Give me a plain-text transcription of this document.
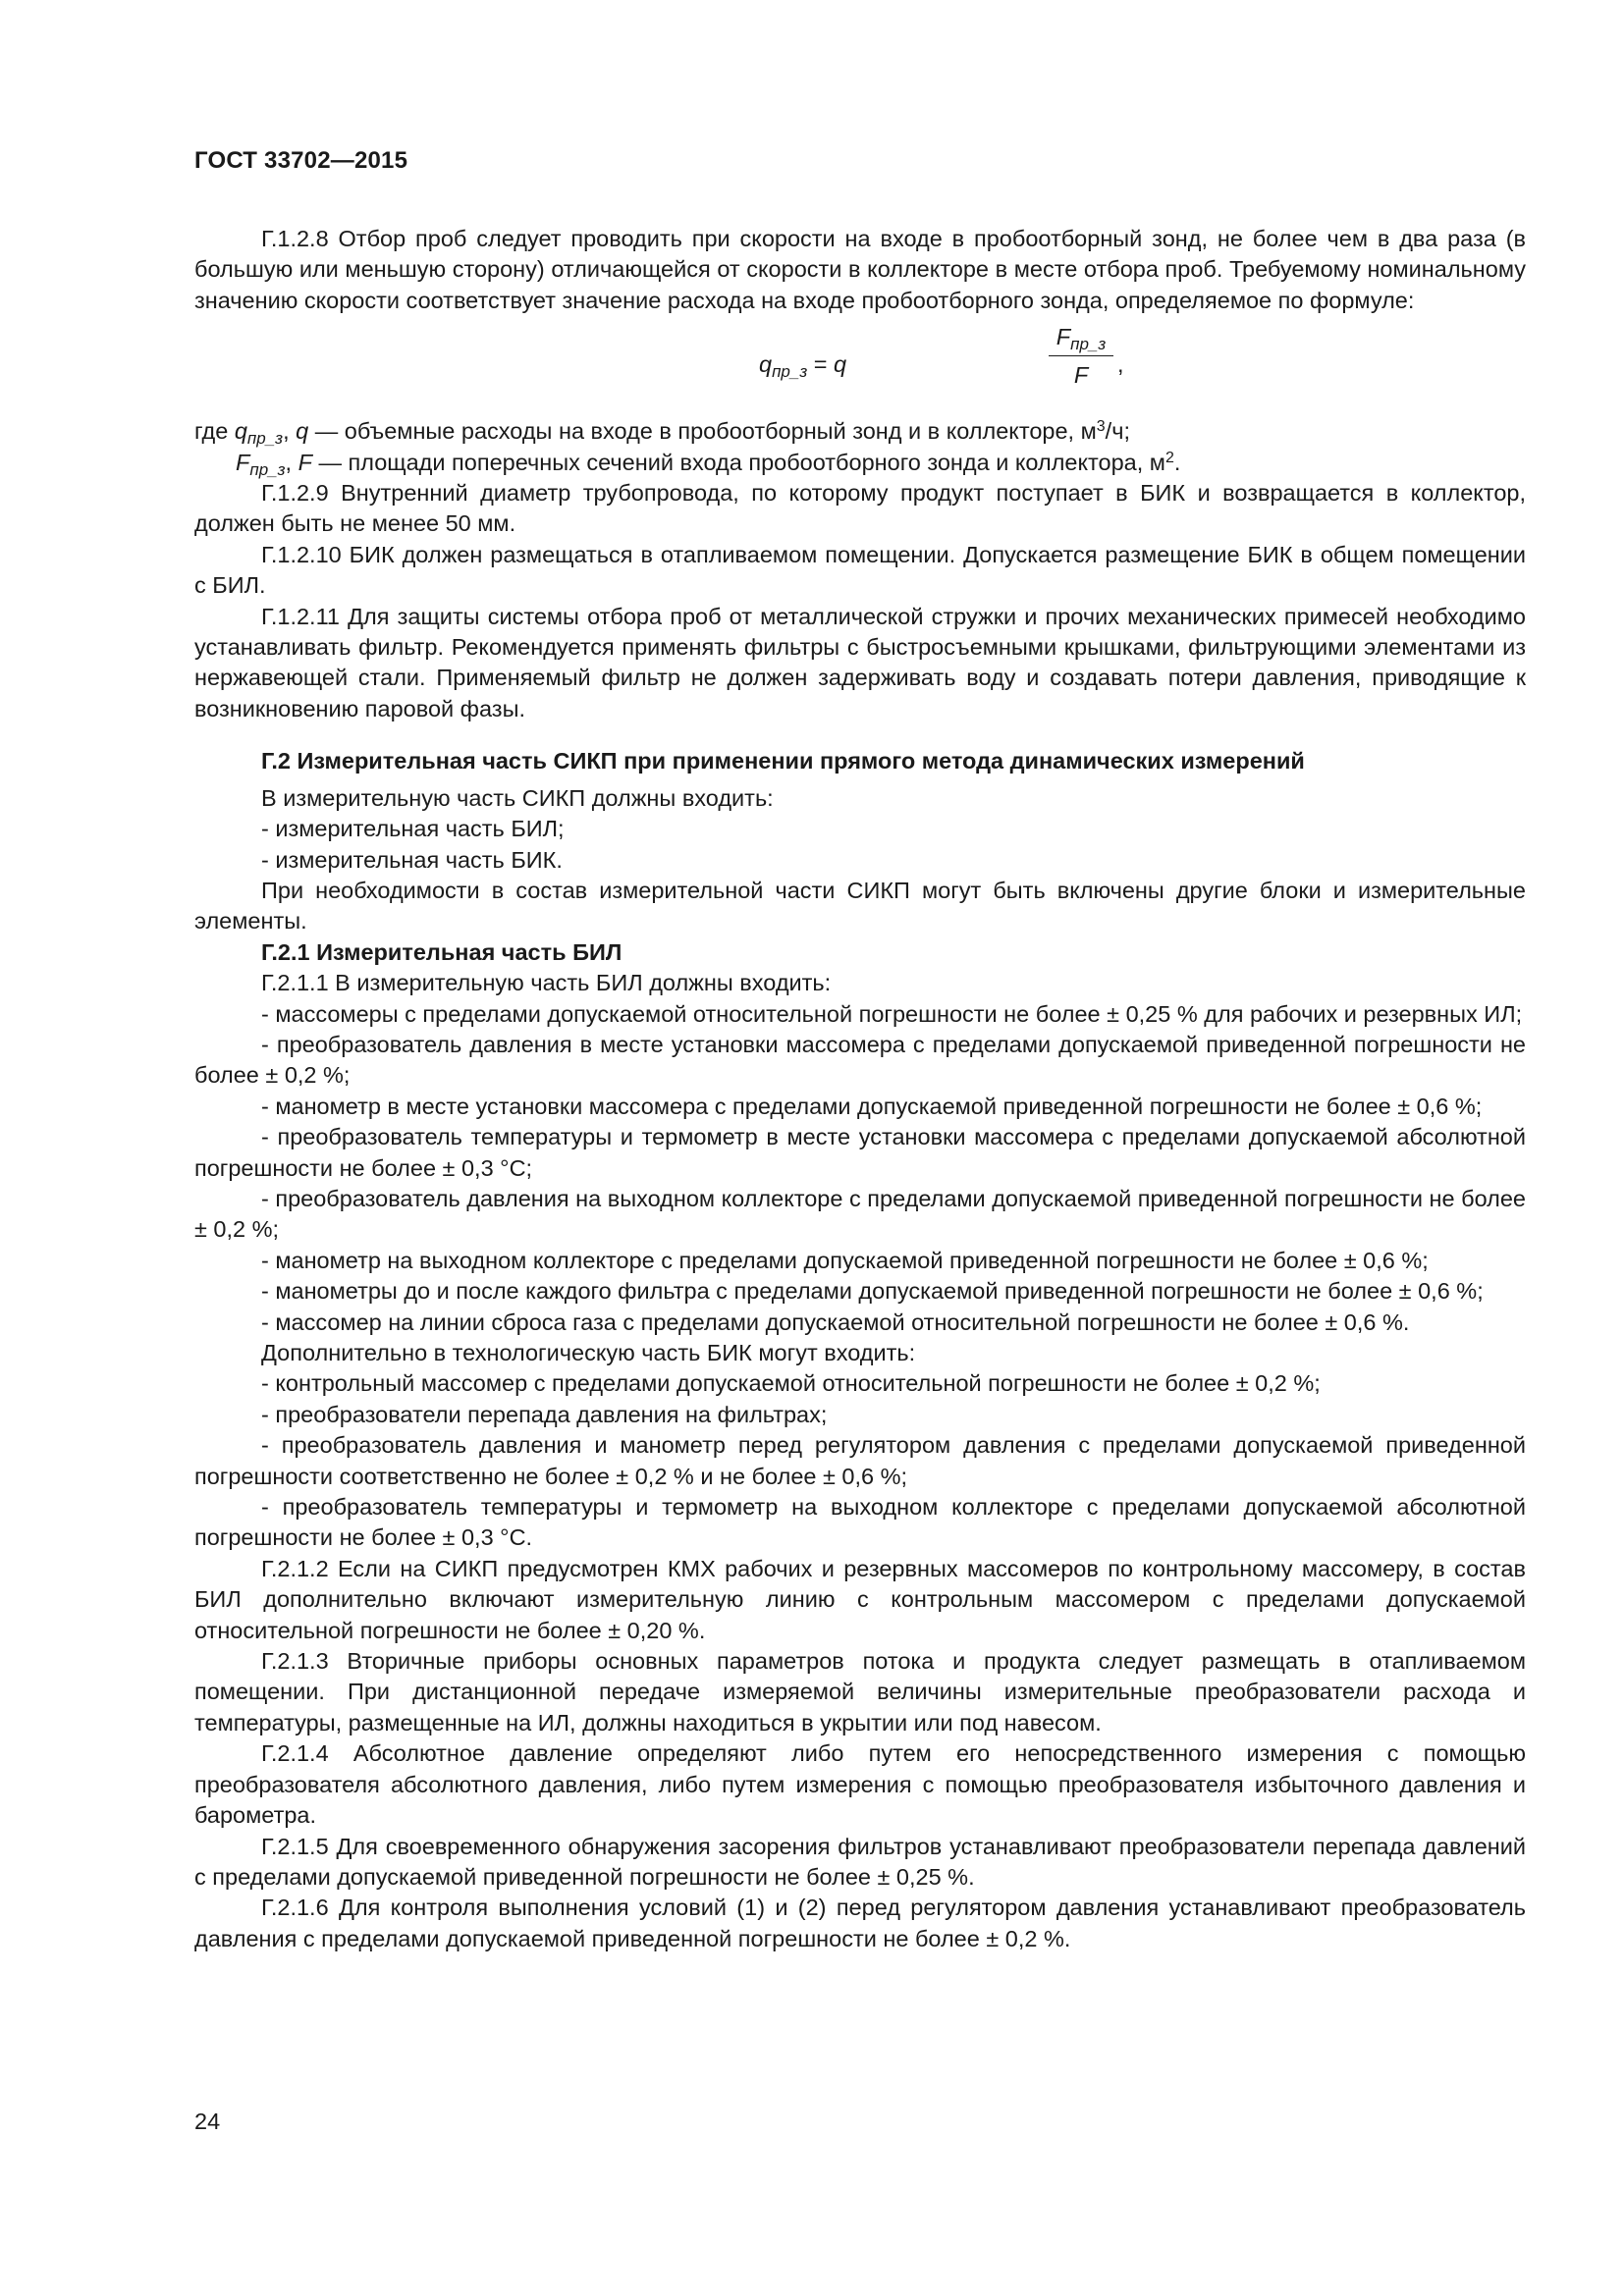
ГОСТ 33702—2015

Г.1.2.8 Отбор проб следует проводить при скорости на входе в пробоотборный зонд, не более чем в два раза (в большую или меньшую сторону) отличающейся от скорости в коллекторе в месте отбора проб. Требуемому номинальному значению скорости соответствует значение расхода на входе пробоотборного зонда, определяемое по формуле:

$q_{пр\_з} = q$
$F_{пр\_з}$
F	,

где $q_{пр\_з}$, q — объемные расходы на входе в пробоотборный зонд и в коллекторе, $м^3/ч$;

$F_{пр\_з}$, F — площади поперечных сечений входа пробоотборного зонда и коллектора, $м^2$.

Г.1.2.9 Внутренний диаметр трубопровода, по которому продукт поступает в БИК и возвращается в коллектор, должен быть не менее 50 мм.

Г.1.2.10 БИК должен размещаться в отапливаемом помещении. Допускается размещение БИК в общем помещении с БИЛ.

Г.1.2.11 Для защиты системы отбора проб от металлической стружки и прочих механических примесей необходимо устанавливать фильтр. Рекомендуется применять фильтры с быстросъемными крышками, фильтрующими элементами из нержавеющей стали. Применяемый фильтр не должен задерживать воду и создавать потери давления, приводящие к возникновению паровой фазы.

Г.2 Измерительная часть СИКП при применении прямого метода динамических измерений

В измерительную часть СИКП должны входить:

- измерительная часть БИЛ;

- измерительная часть БИК.

При необходимости в состав измерительной части СИКП могут быть включены другие блоки и измерительные элементы.

Г.2.1 Измерительная часть БИЛ

Г.2.1.1 В измерительную часть БИЛ должны входить:

- массомеры с пределами допускаемой относительной погрешности не более ± 0,25 % для рабочих и резервных ИЛ;

- преобразователь давления в месте установки массомера с пределами допускаемой приведенной погрешности не более ± 0,2 %;

- манометр в месте установки массомера с пределами допускаемой приведенной погрешности не более ± 0,6 %;

- преобразователь температуры и термометр в месте установки массомера с пределами допускаемой абсолютной погрешности не более ± 0,3 °С;

- преобразователь давления на выходном коллекторе с пределами допускаемой приведенной погрешности не более ± 0,2 %;

- манометр на выходном коллекторе с пределами допускаемой приведенной погрешности не более ± 0,6 %;

- манометры до и после каждого фильтра с пределами допускаемой приведенной погрешности не более ± 0,6 %;

- массомер на линии сброса газа с пределами допускаемой относительной погрешности не более ± 0,6 %.

Дополнительно в технологическую часть БИК могут входить:

- контрольный массомер с пределами допускаемой относительной погрешности не более ± 0,2 %;

- преобразователи перепада давления на фильтрах;

- преобразователь давления и манометр перед регулятором давления с пределами допускаемой приведенной погрешности соответственно не более ± 0,2 % и не более ± 0,6 %;

- преобразователь температуры и термометр на выходном коллекторе с пределами допускаемой абсолютной погрешности не более ± 0,3 °С.

Г.2.1.2 Если на СИКП предусмотрен КМХ рабочих и резервных массомеров по контрольному массомеру, в состав БИЛ дополнительно включают измерительную линию с контрольным массомером с пределами допускаемой относительной погрешности не более ± 0,20 %.

Г.2.1.3 Вторичные приборы основных параметров потока и продукта следует размещать в отапливаемом помещении. При дистанционной передаче измеряемой величины измерительные преобразователи расхода и температуры, размещенные на ИЛ, должны находиться в укрытии или под навесом.

Г.2.1.4 Абсолютное давление определяют либо путем его непосредственного измерения с помощью преобразователя абсолютного давления, либо путем измерения с помощью преобразователя избыточного давления и барометра.

Г.2.1.5 Для своевременного обнаружения засорения фильтров устанавливают преобразователи перепада давлений с пределами допускаемой приведенной погрешности не более ± 0,25 %.

Г.2.1.6 Для контроля выполнения условий (1) и (2) перед регулятором давления устанавливают преобразователь давления с пределами допускаемой приведенной погрешности не более ± 0,2 %.

24
